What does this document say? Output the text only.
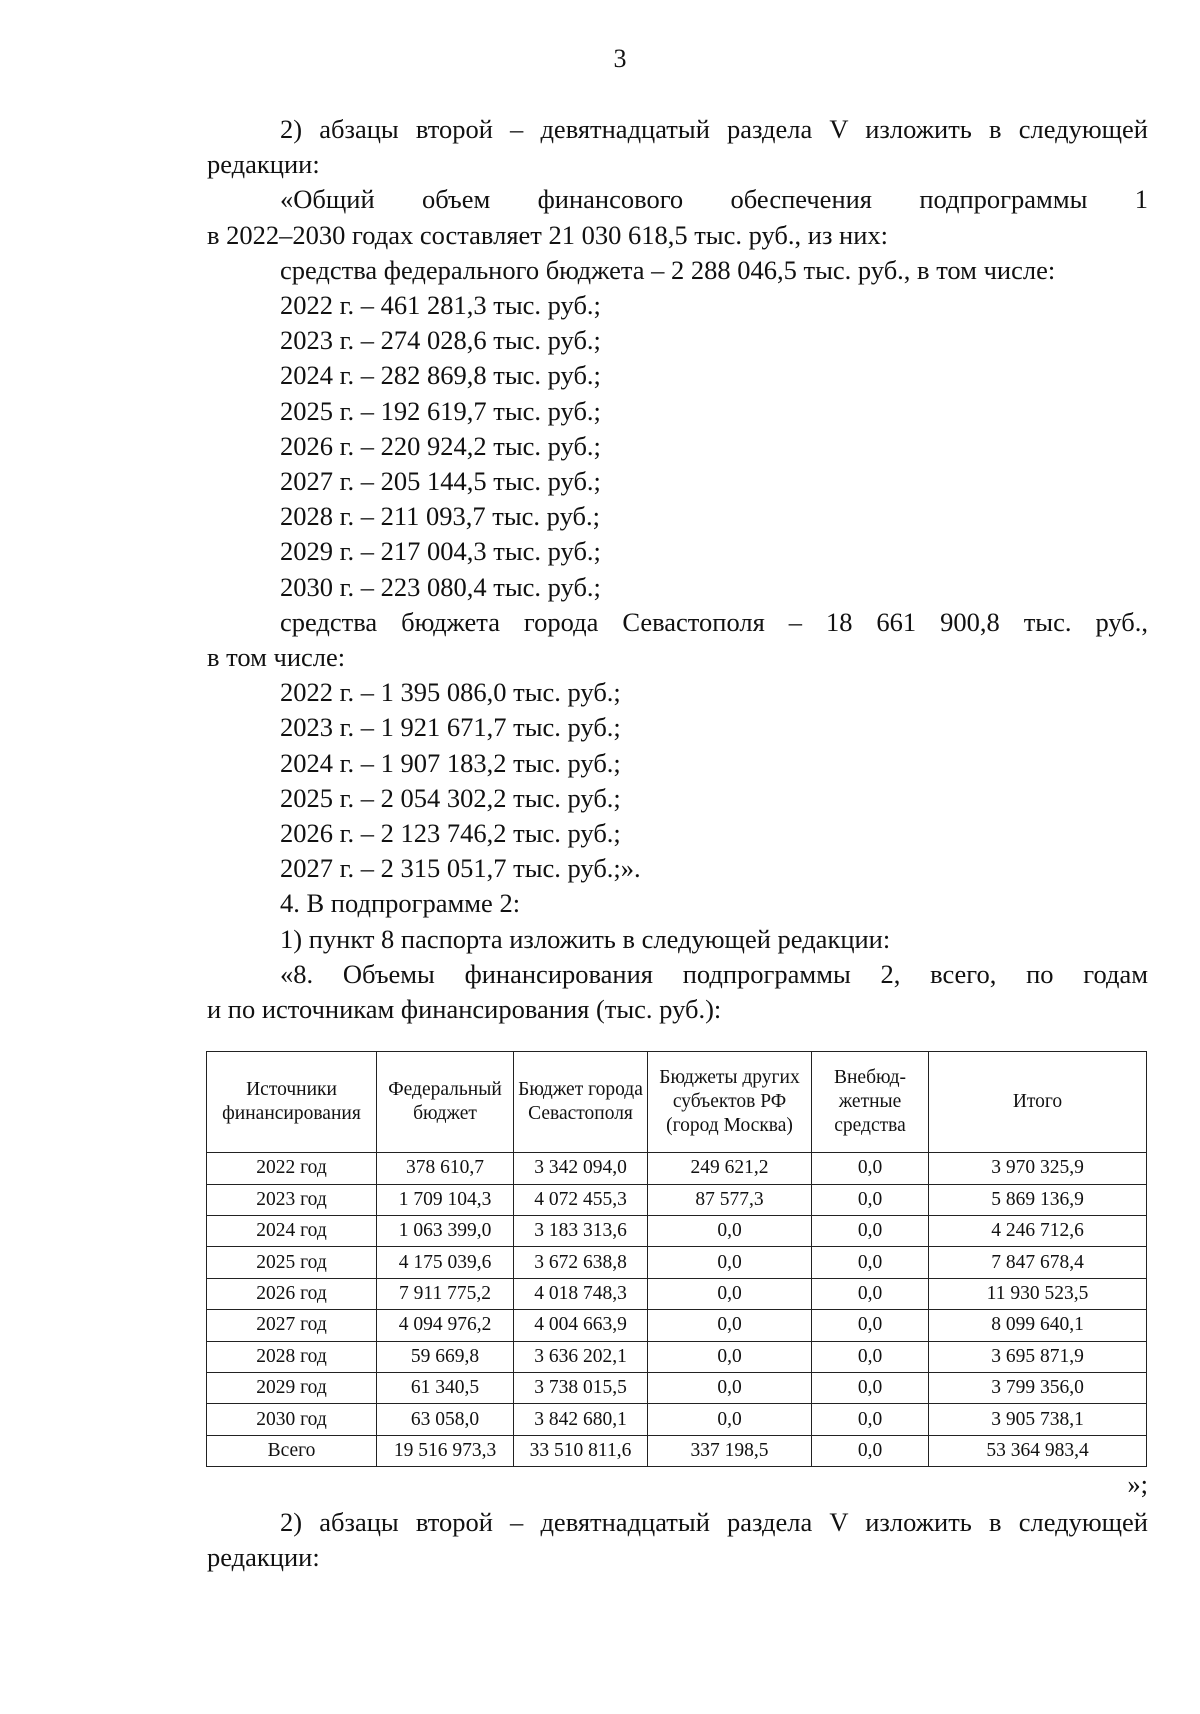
3

2) абзацы второй – девятнадцатый раздела V изложить в следующей

редакции:

«Общий объем финансового обеспечения подпрограммы 1

в 2022–2030 годах составляет 21 030 618,5 тыс. руб., из них:

средства федерального бюджета – 2 288 046,5 тыс. руб., в том числе:

2022 г. – 461 281,3 тыс. руб.;

2023 г. – 274 028,6 тыс. руб.;

2024 г. – 282 869,8 тыс. руб.;

2025 г. – 192 619,7 тыс. руб.;

2026 г. – 220 924,2 тыс. руб.;

2027 г. – 205 144,5 тыс. руб.;

2028 г. – 211 093,7 тыс. руб.;

2029 г. – 217 004,3 тыс. руб.;

2030 г. – 223 080,4 тыс. руб.;

средства бюджета города Севастополя – 18 661 900,8 тыс. руб.,

в том числе:

2022 г. – 1 395 086,0 тыс. руб.;

2023 г. – 1 921 671,7 тыс. руб.;

2024 г. – 1 907 183,2 тыс. руб.;

2025 г. – 2 054 302,2 тыс. руб.;

2026 г. – 2 123 746,2 тыс. руб.;

2027 г. – 2 315 051,7 тыс. руб.;».

4. В подпрограмме 2:

1) пункт 8 паспорта изложить в следующей редакции:

«8. Объемы финансирования подпрограммы 2, всего, по годам

и по источникам финансирования (тыс. руб.):

Источники финансирования	Федеральный бюджет	Бюджет города Севастополя	Бюджеты других субъектов РФ (город Москва)	Внебюд-жетные средства	Итого
2022 год	378 610,7	3 342 094,0	249 621,2	0,0	3 970 325,9
2023 год	1 709 104,3	4 072 455,3	87 577,3	0,0	5 869 136,9
2024 год	1 063 399,0	3 183 313,6	0,0	0,0	4 246 712,6
2025 год	4 175 039,6	3 672 638,8	0,0	0,0	7 847 678,4
2026 год	7 911 775,2	4 018 748,3	0,0	0,0	11 930 523,5
2027 год	4 094 976,2	4 004 663,9	0,0	0,0	8 099 640,1
2028 год	59 669,8	3 636 202,1	0,0	0,0	3 695 871,9
2029 год	61 340,5	3 738 015,5	0,0	0,0	3 799 356,0
2030 год	63 058,0	3 842 680,1	0,0	0,0	3 905 738,1
Всего	19 516 973,3	33 510 811,6	337 198,5	0,0	53 364 983,4

»;

2) абзацы второй – девятнадцатый раздела V изложить в следующей

редакции:
